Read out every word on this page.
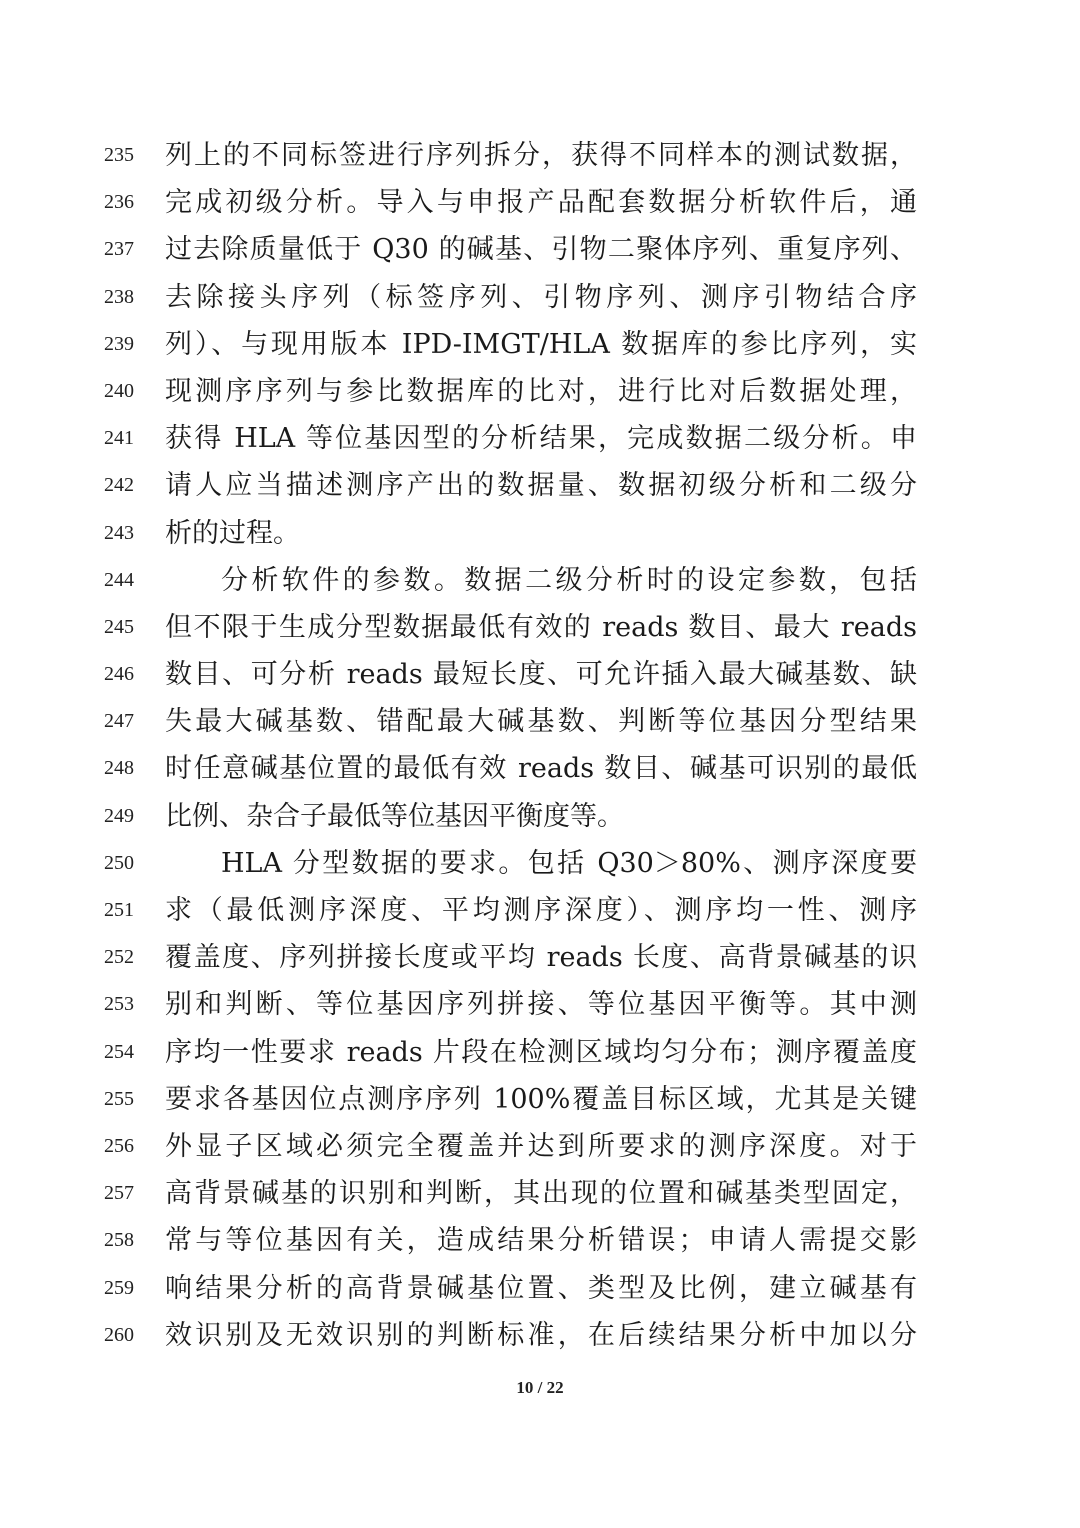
235 列上的不同标签进行序列拆分，获得不同样本的测试数据，
236 完成初级分析。导入与申报产品配套数据分析软件后，通
237 过去除质量低于 Q30 的碱基、引物二聚体序列、重复序列、
238 去除接头序列（标签序列、引物序列、测序引物结合序
239 列）、与现用版本 IPD-IMGT/HLA 数据库的参比序列，实
240 现测序序列与参比数据库的比对，进行比对后数据处理，
241 获得 HLA 等位基因型的分析结果，完成数据二级分析。申
242 请人应当描述测序产出的数据量、数据初级分析和二级分
243 析的过程。
244	分析软件的参数。数据二级分析时的设定参数，包括
245 但不限于生成分型数据最低有效的 reads 数目、最大 reads
246 数目、可分析 reads 最短长度、可允许插入最大碱基数、缺
247 失最大碱基数、错配最大碱基数、判断等位基因分型结果
248 时任意碱基位置的最低有效 reads 数目、碱基可识别的最低
249 比例、杂合子最低等位基因平衡度等。
250	HLA 分型数据的要求。包括 Q30＞80%、测序深度要
251 求（最低测序深度、平均测序深度）、测序均一性、测序
252 覆盖度、序列拼接长度或平均 reads 长度、高背景碱基的识
253 别和判断、等位基因序列拼接、等位基因平衡等。其中测
254 序均一性要求 reads 片段在检测区域均匀分布；测序覆盖度
255 要求各基因位点测序序列 100%覆盖目标区域，尤其是关键
256 外显子区域必须完全覆盖并达到所要求的测序深度。对于
257 高背景碱基的识别和判断，其出现的位置和碱基类型固定，
258 常与等位基因有关，造成结果分析错误；申请人需提交影
259 响结果分析的高背景碱基位置、类型及比例，建立碱基有
260 效识别及无效识别的判断标准，在后续结果分析中加以分
10 / 22
